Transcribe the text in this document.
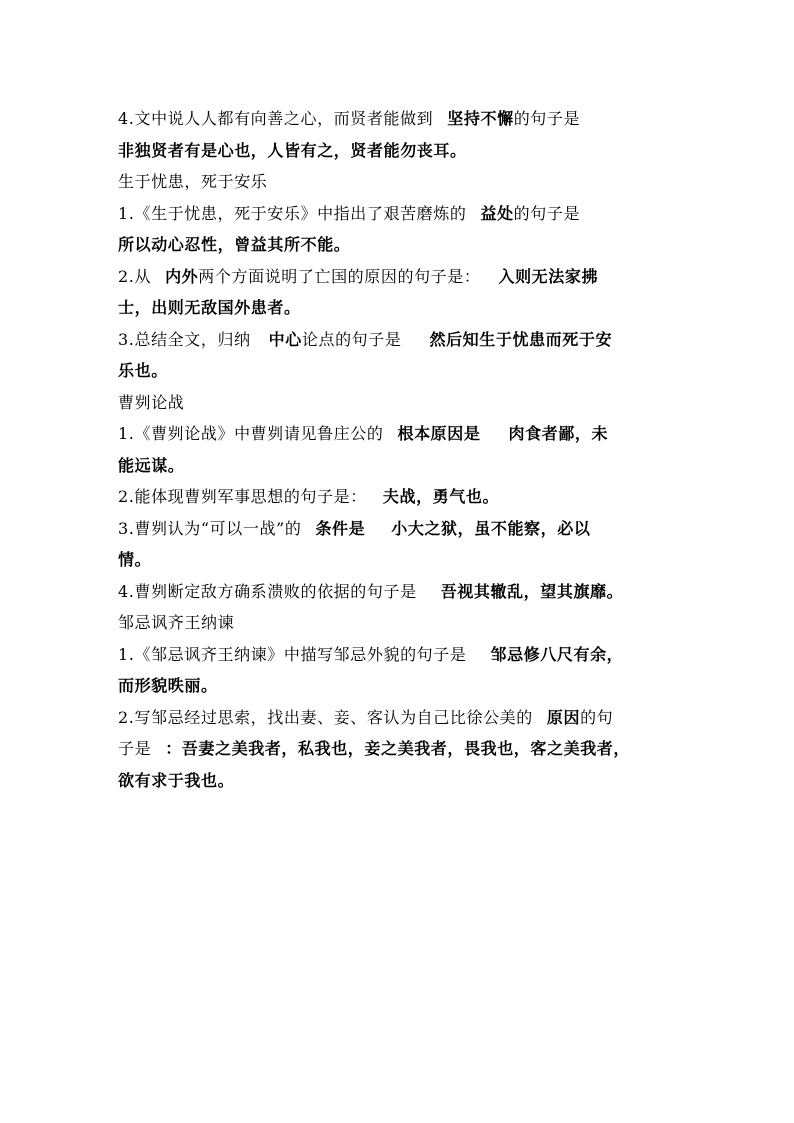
4.文中说人人都有向善之心，而贤者能做到 坚持不懈的句子是
非独贤者有是心也，人皆有之，贤者能勿丧耳。
生于忧患，死于安乐
1.《生于忧患，死于安乐》中指出了艰苦磨炼的 益处的句子是
所以动心忍性，曾益其所不能。
2.从 内外两个方面说明了亡国的原因的句子是： 入则无法家拂
士，出则无敌国外患者。
3.总结全文，归纳 中心论点的句子是 然后知生于忧患而死于安
乐也。
曹刿论战
1.《曹刿论战》中曹刿请见鲁庄公的 根本原因是 肉食者鄙，未
能远谋。
2.能体现曹刿军事思想的句子是： 夫战，勇气也。
3.曹刿认为“可以一战”的 条件是 小大之狱，虽不能察，必以
情。
4.曹刿断定敌方确系溃败的依据的句子是 吾视其辙乱，望其旗靡。
邹忌讽齐王纳谏
1.《邹忌讽齐王纳谏》中描写邹忌外貌的句子是 邹忌修八尺有余，
而形貌昳丽。
2.写邹忌经过思索，找出妻、妾、客认为自己比徐公美的 原因的句
子是 ：吾妻之美我者，私我也，妾之美我者，畏我也，客之美我者，
欲有求于我也。
